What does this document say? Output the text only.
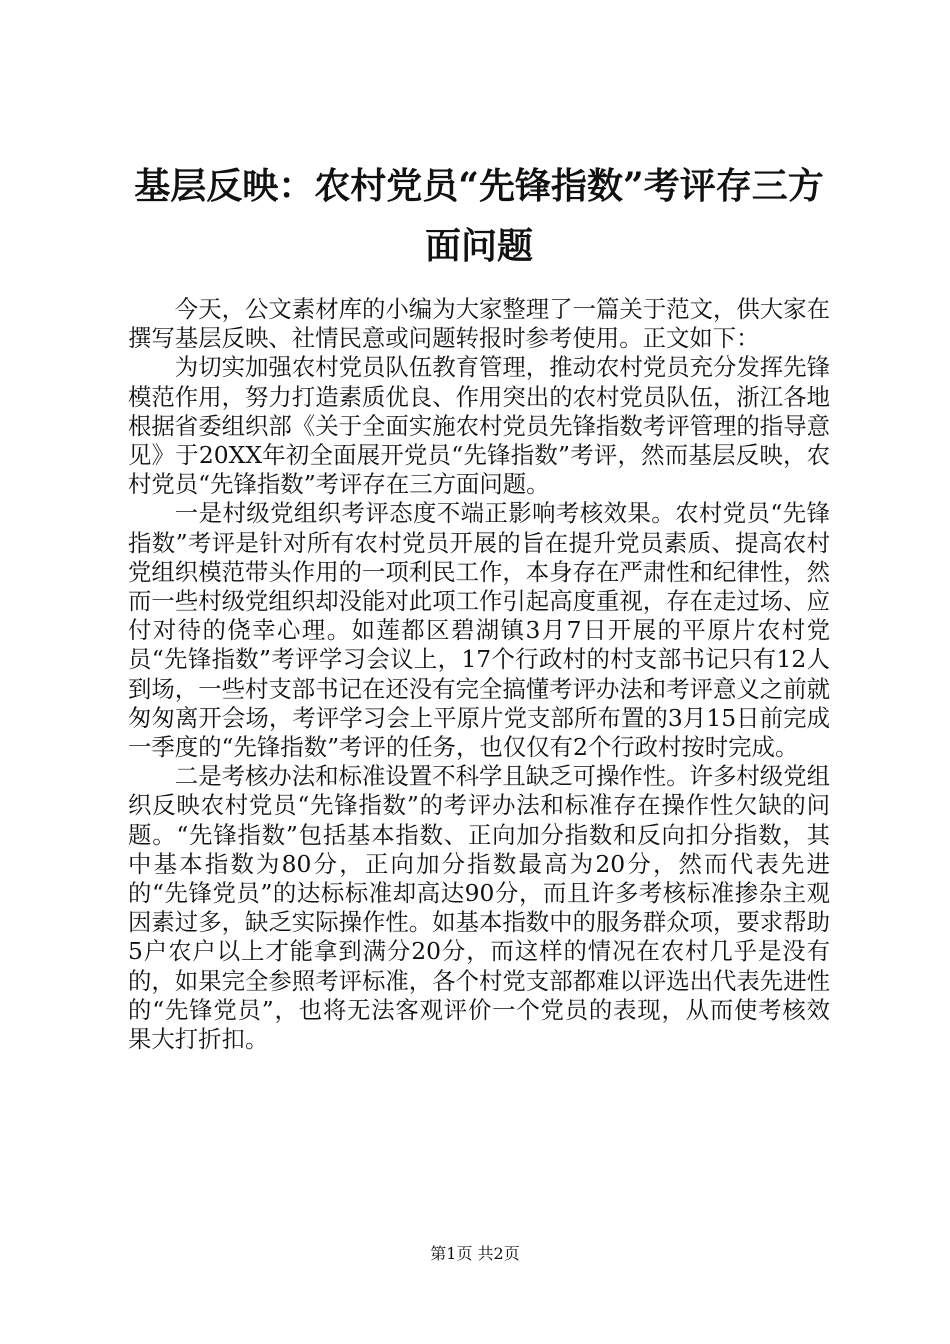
基层反映：农村党员“先锋指数”考评存三方面问题

今天，公文素材库的小编为大家整理了一篇关于范文，供大家在撰写基层反映、社情民意或问题转报时参考使用。正文如下：

为切实加强农村党员队伍教育管理，推动农村党员充分发挥先锋模范作用，努力打造素质优良、作用突出的农村党员队伍，浙江各地根据省委组织部《关于全面实施农村党员先锋指数考评管理的指导意见》于20XX年初全面展开党员“先锋指数”考评，然而基层反映，农村党员“先锋指数”考评存在三方面问题。

一是村级党组织考评态度不端正影响考核效果。农村党员“先锋指数”考评是针对所有农村党员开展的旨在提升党员素质、提高农村党组织模范带头作用的一项利民工作，本身存在严肃性和纪律性，然而一些村级党组织却没能对此项工作引起高度重视，存在走过场、应付对待的侥幸心理。如莲都区碧湖镇3月7日开展的平原片农村党员“先锋指数”考评学习会议上，17个行政村的村支部书记只有12人到场，一些村支部书记在还没有完全搞懂考评办法和考评意义之前就匆匆离开会场，考评学习会上平原片党支部所布置的3月15日前完成一季度的“先锋指数”考评的任务，也仅仅有2个行政村按时完成。

二是考核办法和标准设置不科学且缺乏可操作性。许多村级党组织反映农村党员“先锋指数”的考评办法和标准存在操作性欠缺的问题。“先锋指数”包括基本指数、正向加分指数和反向扣分指数，其中基本指数为80分，正向加分指数最高为20分，然而代表先进的“先锋党员”的达标标准却高达90分，而且许多考核标准掺杂主观因素过多，缺乏实际操作性。如基本指数中的服务群众项，要求帮助5户农户以上才能拿到满分20分，而这样的情况在农村几乎是没有的，如果完全参照考评标准，各个村党支部都难以评选出代表先进性的“先锋党员”，也将无法客观评价一个党员的表现，从而使考核效果大打折扣。

第1页 共2页
